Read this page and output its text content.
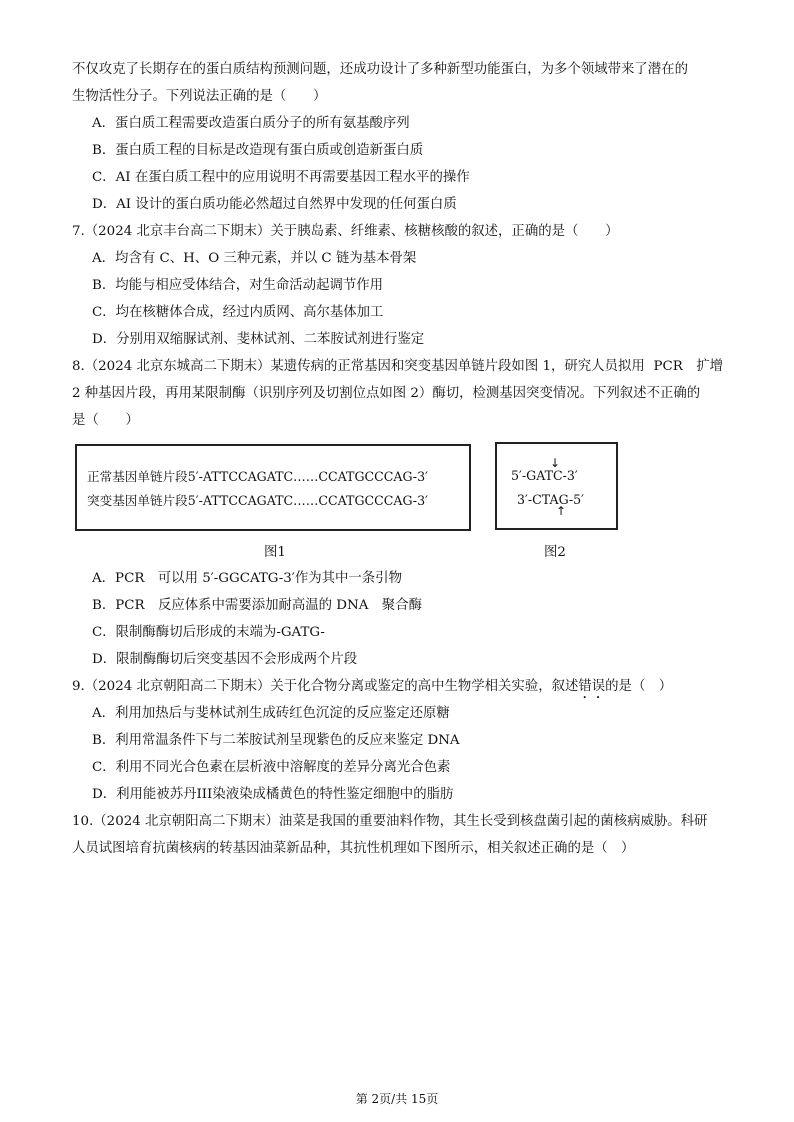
不仅攻克了长期存在的蛋白质结构预测问题，还成功设计了多种新型功能蛋白，为多个领域带来了潜在的
生物活性分子。下列说法正确的是（　　）
A．蛋白质工程需要改造蛋白质分子的所有氨基酸序列
B．蛋白质工程的目标是改造现有蛋白质或创造新蛋白质
C．AI 在蛋白质工程中的应用说明不再需要基因工程水平的操作
D．AI 设计的蛋白质功能必然超过自然界中发现的任何蛋白质
7.（2024 北京丰台高二下期末）关于胰岛素、纤维素、核糖核酸的叙述，正确的是（　　）
A．均含有 C、H、O 三种元素，并以 C 链为基本骨架
B．均能与相应受体结合，对生命活动起调节作用
C．均在核糖体合成，经过内质网、高尔基体加工
D．分别用双缩脲试剂、斐林试剂、二苯胺试剂进行鉴定
8.（2024 北京东城高二下期末）某遗传病的正常基因和突变基因单链片段如图 1，研究人员拟用 PCR　扩增
2 种基因片段，再用某限制酶（识别序列及切割位点如图 2）酶切，检测基因突变情况。下列叙述不正确的
是（　　）
正常基因单链片段5′-ATTCCAGATC……CCATGCCCAG-3′
突变基因单链片段5′-ATTCCAGATC……CCATGCCCAG-3′
图1
↓
5′-GATC-3′
3′-CTAG-5′
↑
图2
A．PCR　可以用 5′-GGCATG-3′作为其中一条引物
B．PCR　反应体系中需要添加耐高温的 DNA　聚合酶
C．限制酶酶切后形成的末端为-GATG-
D．限制酶酶切后突变基因不会形成两个片段
9.（2024 北京朝阳高二下期末）关于化合物分离或鉴定的高中生物学相关实验，叙述错误的是（　）
A．利用加热后与斐林试剂生成砖红色沉淀的反应鉴定还原糖
B．利用常温条件下与二苯胺试剂呈现紫色的反应来鉴定 DNA
C．利用不同光合色素在层析液中溶解度的差异分离光合色素
D．利用能被苏丹III染液染成橘黄色的特性鉴定细胞中的脂肪
10.（2024 北京朝阳高二下期末）油菜是我国的重要油料作物，其生长受到核盘菌引起的菌核病威胁。科研
人员试图培育抗菌核病的转基因油菜新品种，其抗性机理如下图所示，相关叙述正确的是（　）
第 2页/共 15页
